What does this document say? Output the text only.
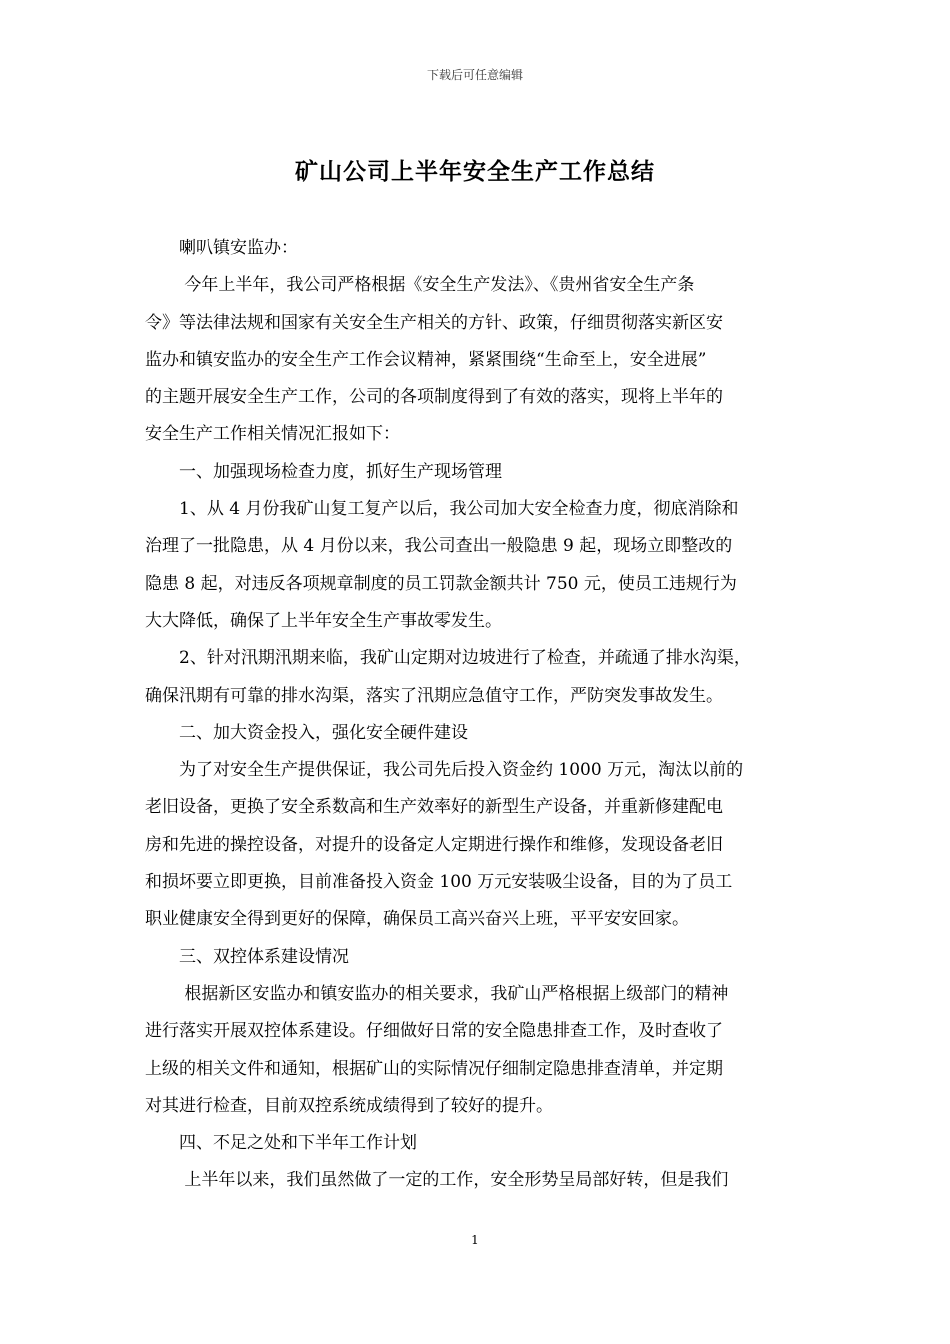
下载后可任意编辑
矿山公司上半年安全生产工作总结
　　喇叭镇安监办：
　　 今年上半年，我公司严格根据《安全生产发法》、《贵州省安全生产条
令》等法律法规和国家有关安全生产相关的方针、政策，仔细贯彻落实新区安
监办和镇安监办的安全生产工作会议精神，紧紧围绕“生命至上，安全进展”
的主题开展安全生产工作，公司的各项制度得到了有效的落实，现将上半年的
安全生产工作相关情况汇报如下：
　　一、加强现场检查力度，抓好生产现场管理
　　1、从 4 月份我矿山复工复产以后，我公司加大安全检查力度，彻底消除和
治理了一批隐患，从 4 月份以来，我公司查出一般隐患 9 起，现场立即整改的
隐患 8 起，对违反各项规章制度的员工罚款金额共计 750 元，使员工违规行为
大大降低，确保了上半年安全生产事故零发生。
　　2、针对汛期汛期来临，我矿山定期对边坡进行了检查，并疏通了排水沟渠，
确保汛期有可靠的排水沟渠，落实了汛期应急值守工作，严防突发事故发生。
　　二、加大资金投入，强化安全硬件建设
　　为了对安全生产提供保证，我公司先后投入资金约 1000 万元，淘汰以前的
老旧设备，更换了安全系数高和生产效率好的新型生产设备，并重新修建配电
房和先进的操控设备，对提升的设备定人定期进行操作和维修，发现设备老旧
和损坏要立即更换，目前准备投入资金 100 万元安装吸尘设备，目的为了员工
职业健康安全得到更好的保障，确保员工高兴奋兴上班，平平安安回家。
　　三、双控体系建设情况
　　 根据新区安监办和镇安监办的相关要求，我矿山严格根据上级部门的精神
进行落实开展双控体系建设。仔细做好日常的安全隐患排查工作，及时查收了
上级的相关文件和通知，根据矿山的实际情况仔细制定隐患排查清单，并定期
对其进行检查，目前双控系统成绩得到了较好的提升。
　　四、不足之处和下半年工作计划
　　 上半年以来，我们虽然做了一定的工作，安全形势呈局部好转，但是我们
1
